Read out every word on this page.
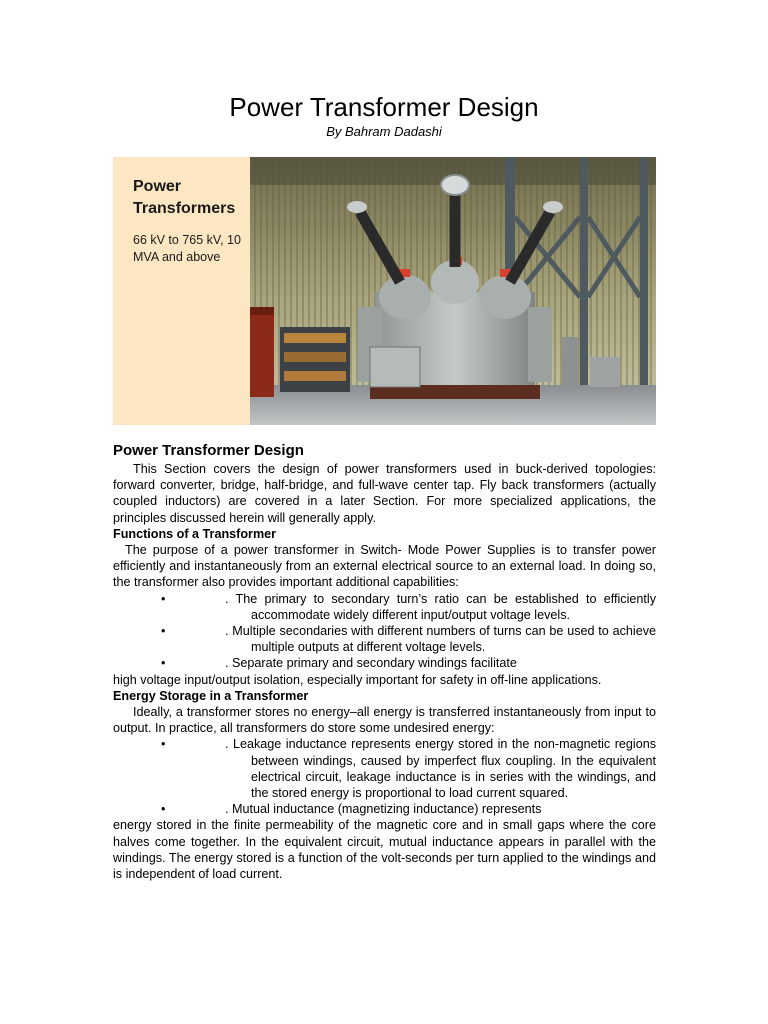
Power Transformer Design
By Bahram Dadashi
Power Transformers
66 kV to 765 kV, 10 MVA and above
Power Transformer Design
This Section covers the design of power transformers used in buck-derived topologies: forward converter, bridge, half-bridge, and full-wave center tap. Fly back transformers (actually coupled inductors) are covered in a later Section. For more specialized applications, the principles discussed herein will generally apply.
Functions of a Transformer
The purpose of a power transformer in Switch- Mode Power Supplies is to transfer power efficiently and instantaneously from an external electrical source to an external load. In doing so, the transformer also provides important additional capabilities:
•	. The primary to secondary turn’s ratio can be established to efficiently accommodate widely different input/output voltage levels.
•	. Multiple secondaries with different numbers of turns can be used to achieve multiple outputs at different voltage levels.
•	. Separate primary and secondary windings facilitate
high voltage input/output isolation, especially important for safety in off-line applications.
Energy Storage in a Transformer
Ideally, a transformer stores no energy–all energy is transferred instantaneously from input to output. In practice, all transformers do store some undesired energy:
•	. Leakage inductance represents energy stored in the non-magnetic regions between windings, caused by imperfect flux coupling. In the equivalent electrical circuit, leakage inductance is in series with the windings, and the stored energy is proportional to load current squared.
•	. Mutual inductance (magnetizing inductance) represents
energy stored in the finite permeability of the magnetic core and in small gaps where the core halves come together. In the equivalent circuit, mutual inductance appears in parallel with the windings. The energy stored is a function of the volt-seconds per turn applied to the windings and is independent of load current.
